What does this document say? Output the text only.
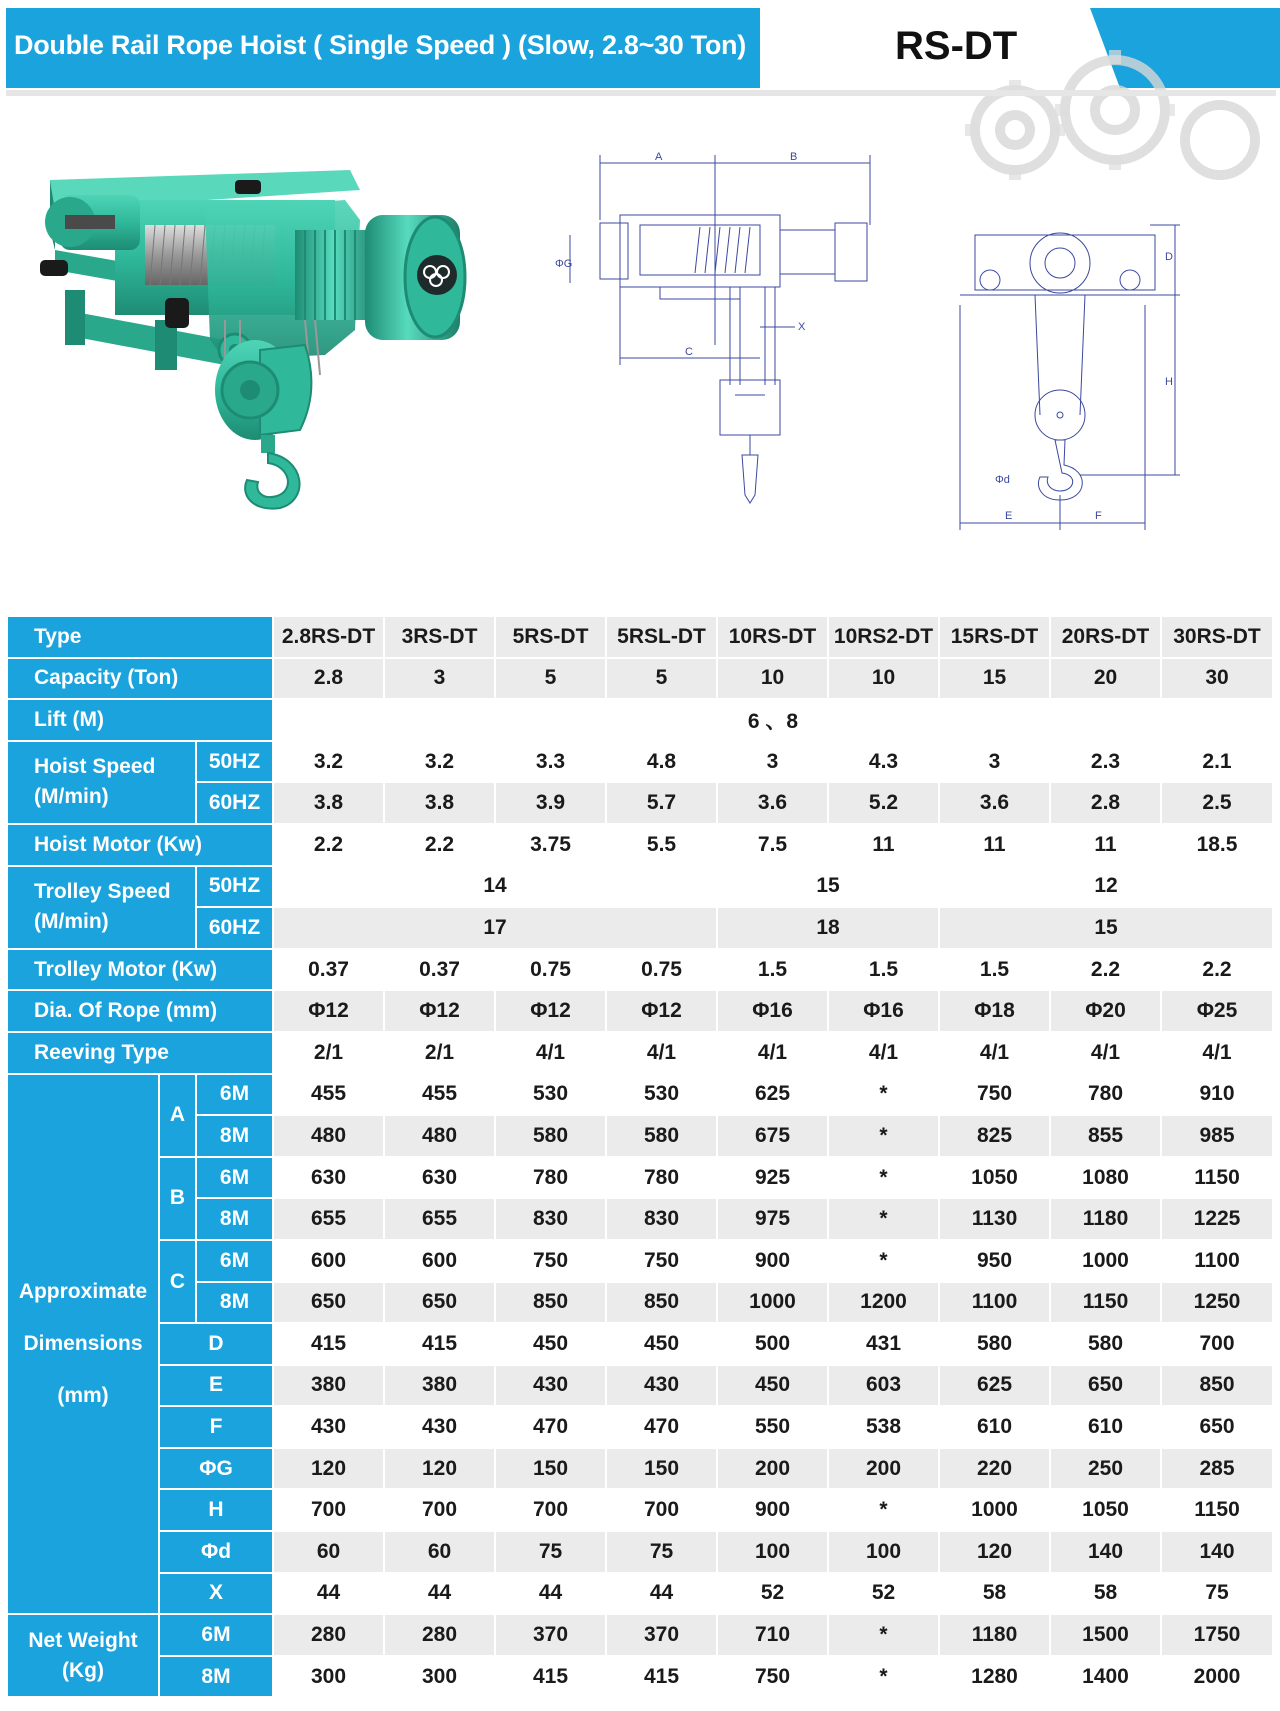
Double Rail Rope Hoist ( Single Speed ) (Slow, 2.8~30 Ton)	RS-DT
A	B
C
X
ΦG
D
H
E	F
Φd
Type			2.8RS-DT	3RS-DT	5RS-DT	5RSL-DT	10RS-DT	10RS2-DT	15RS-DT	20RS-DT	30RS-DT
Capacity (Ton)			2.8	3	5	5	10	10	15	20	30
Lift (M)			6 、8								
Hoist Speed (M/min)		50HZ	3.2	3.2	3.3	4.8	3	4.3	3	2.3	2.1
		60HZ	3.8	3.8	3.9	5.7	3.6	5.2	3.6	2.8	2.5
Hoist Motor (Kw)			2.2	2.2	3.75	5.5	7.5	11	11	11	18.5
Trolley Speed (M/min)		50HZ	14				15		12		
		60HZ	17				18		15		
Trolley Motor (Kw)			0.37	0.37	0.75	0.75	1.5	1.5	1.5	2.2	2.2
Dia. Of Rope (mm)			Φ12	Φ12	Φ12	Φ12	Φ16	Φ16	Φ18	Φ20	Φ25
Reeving Type			2/1	2/1	4/1	4/1	4/1	4/1	4/1	4/1	4/1
Approximate Dimensions (mm)	A	6M	455	455	530	530	625	*	750	780	910
		8M	480	480	580	580	675	*	825	855	985
	B	6M	630	630	780	780	925	*	1050	1080	1150
		8M	655	655	830	830	975	*	1130	1180	1225
	C	6M	600	600	750	750	900	*	950	1000	1100
		8M	650	650	850	850	1000	1200	1100	1150	1250
	D		415	415	450	450	500	431	580	580	700
	E		380	380	430	430	450	603	625	650	850
	F		430	430	470	470	550	538	610	610	650
	ΦG		120	120	150	150	200	200	220	250	285
	H		700	700	700	700	900	*	1000	1050	1150
	Φd		60	60	75	75	100	100	120	140	140
	X		44	44	44	44	52	52	58	58	75
Net Weight (Kg)	6M		280	280	370	370	710	*	1180	1500	1750
	8M		300	300	415	415	750	*	1280	1400	2000
